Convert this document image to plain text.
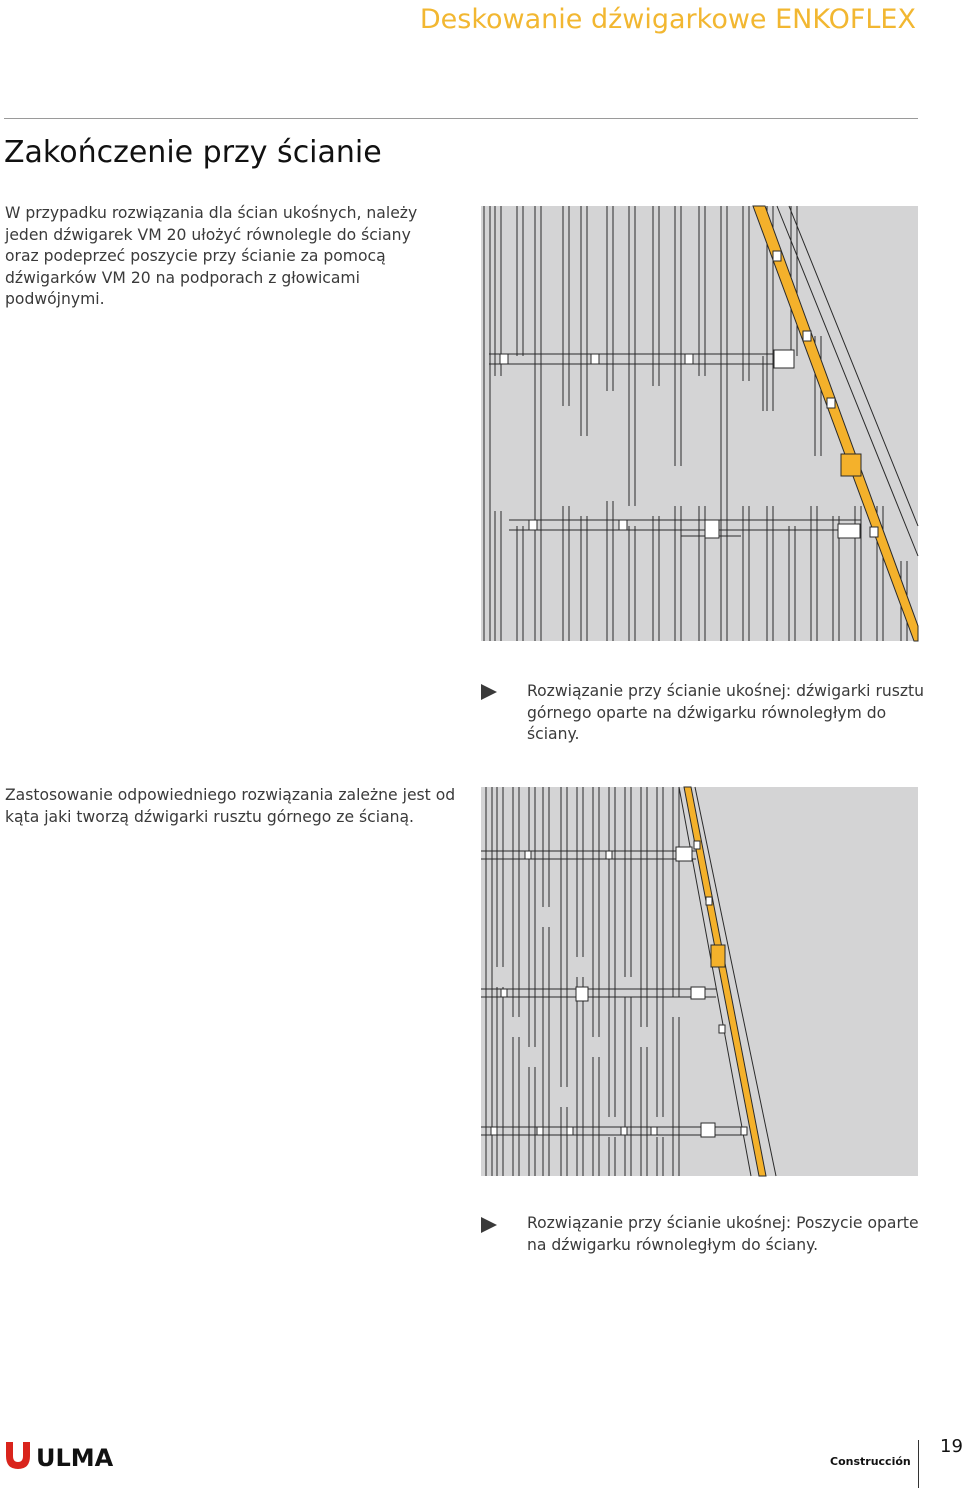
Deskowanie dźwigarkowe ENKOFLEX
Zakończenie przy ścianie

W przypadku rozwiązania dla ścian ukośnych, należy jeden dźwigarek VM 20 ułożyć równolegle do ściany oraz podeprzeć poszycie przy ścianie za pomocą dźwigarków VM 20 na podporach z głowicami podwójnymi.

Rozwiązanie przy ścianie ukośnej: dźwigarki rusztu górnego oparte na dźwigarku równoległym do ściany.

Zastosowanie odpowiedniego rozwiązania zależne jest od kąta jaki tworzą dźwigarki rusztu górnego ze ścianą.

Rozwiązanie przy ścianie ukośnej: Poszycie oparte na dźwigarku równoległym do ściany.

ULMA	Construcción
19
